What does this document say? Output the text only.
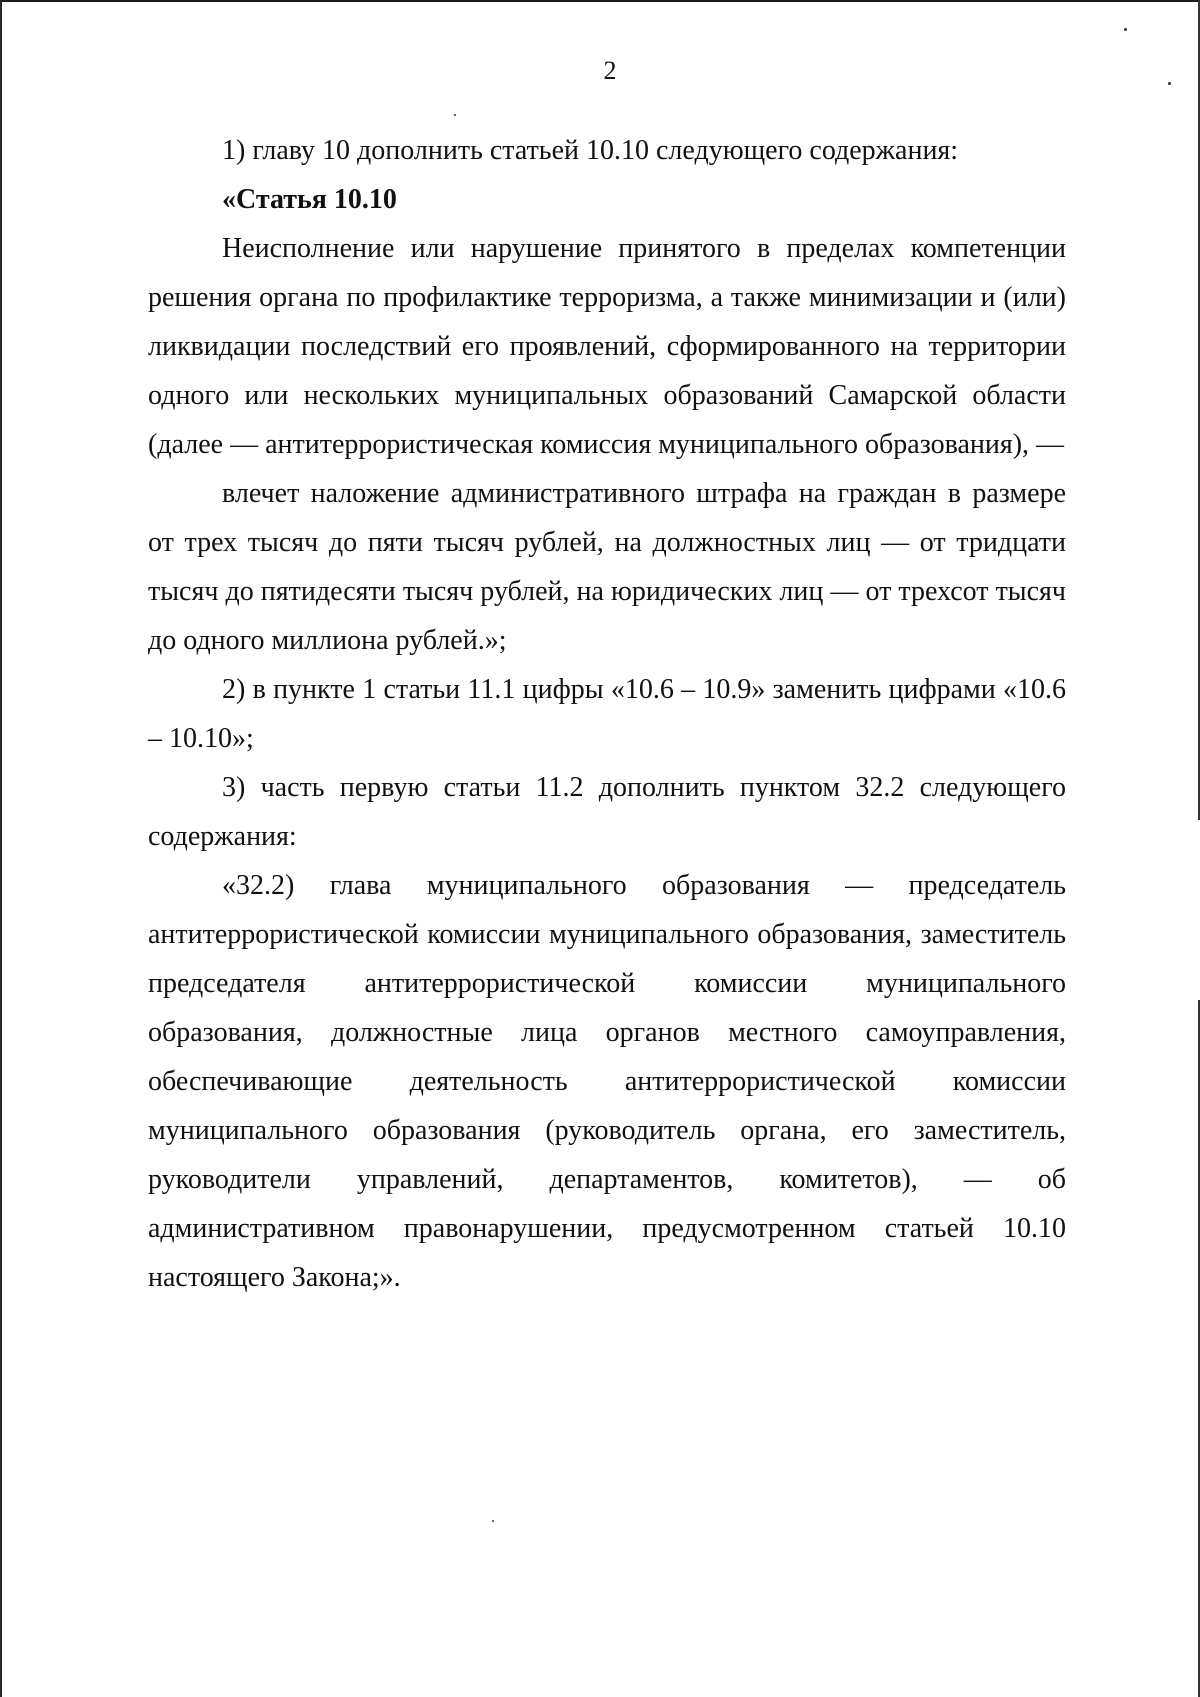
2

1) главу 10 дополнить статьей 10.10 следующего содержания:

«Статья 10.10

Неисполнение или нарушение принятого в пределах компетенции решения органа по профилактике терроризма, а также минимизации и (или) ликвидации последствий его проявлений, сформированного на территории одного или нескольких муниципальных образований Самарской области (далее — антитеррористическая комиссия муниципального образования), —

влечет наложение административного штрафа на граждан в размере от трех тысяч до пяти тысяч рублей, на должностных лиц — от тридцати тысяч до пятидесяти тысяч рублей, на юридических лиц — от трехсот тысяч до одного миллиона рублей.»;

2) в пункте 1 статьи 11.1 цифры «10.6 – 10.9» заменить цифрами «10.6 – 10.10»;

3) часть первую статьи 11.2 дополнить пунктом 32.2 следующего содержания:

«32.2) глава муниципального образования — председатель антитеррористической комиссии муниципального образования, заместитель председателя антитеррористической комиссии муниципального образования, должностные лица органов местного самоуправления, обеспечивающие деятельность антитеррористической комиссии муниципального образования (руководитель органа, его заместитель, руководители управлений, департаментов, комитетов), — об административном правонарушении, предусмотренном статьей 10.10 настоящего Закона;».
